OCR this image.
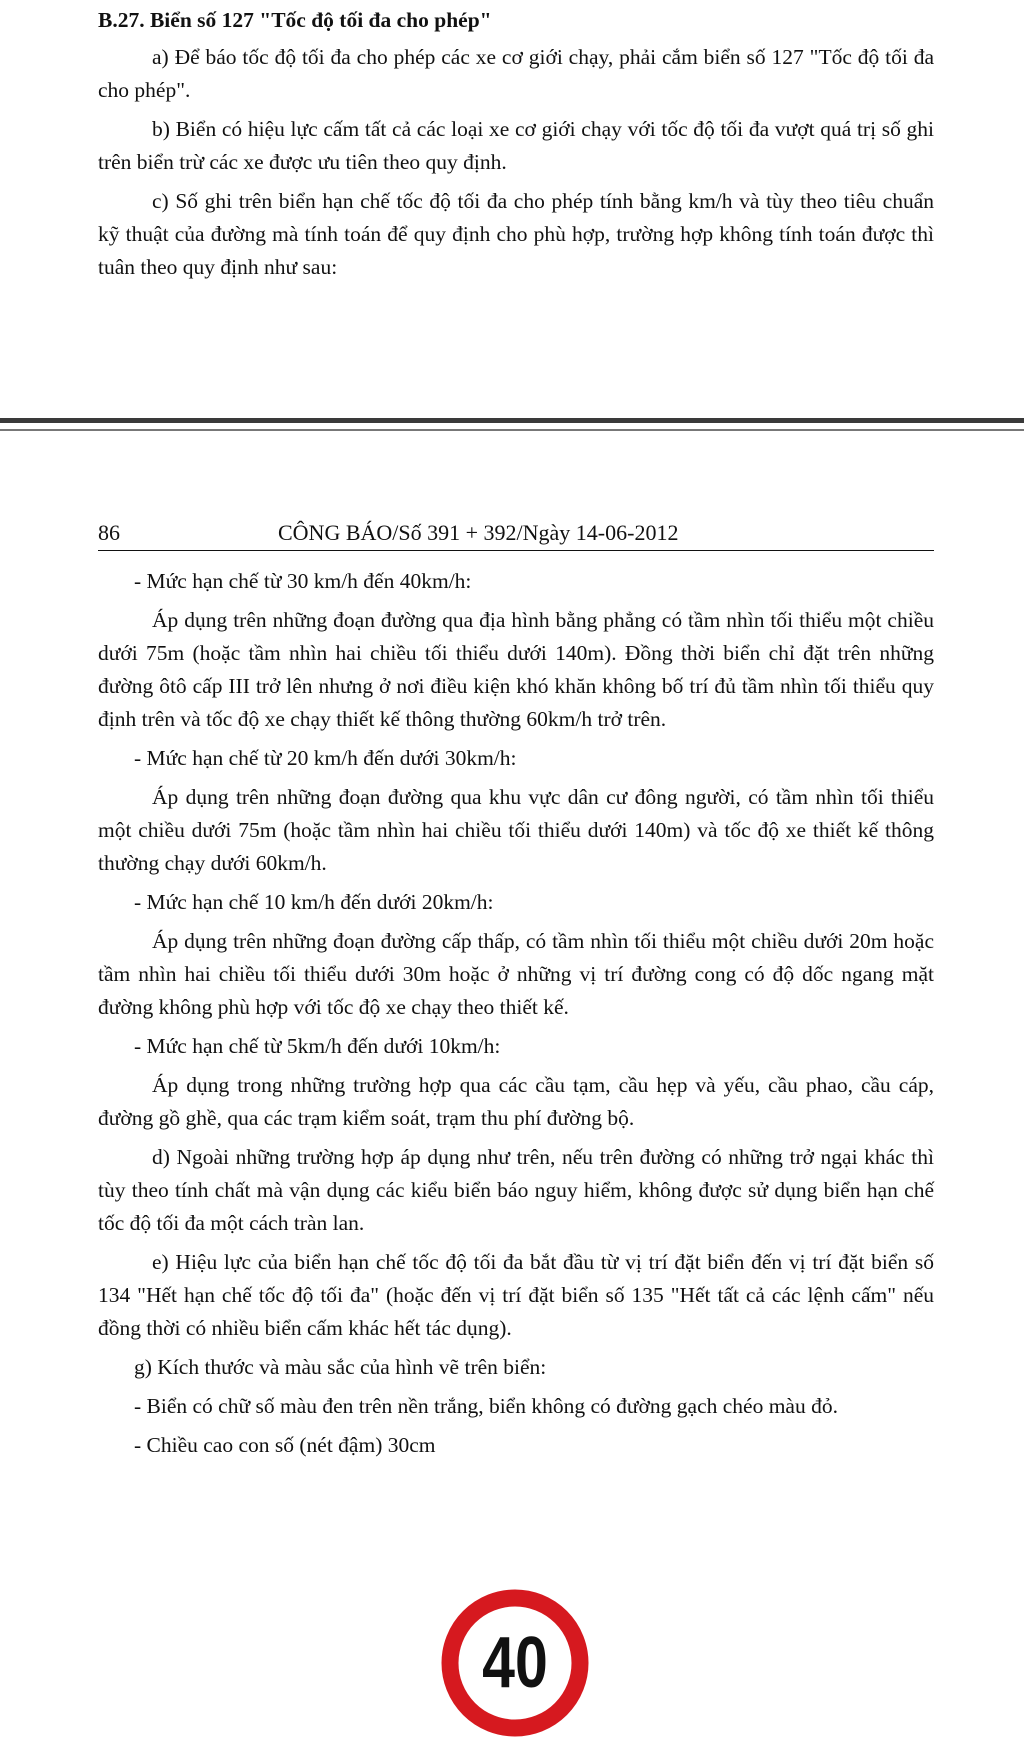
B.27. Biển số 127 "Tốc độ tối đa cho phép"

a) Để báo tốc độ tối đa cho phép các xe cơ giới chạy, phải cắm biển số 127 "Tốc độ tối đa cho phép".

b) Biển có hiệu lực cấm tất cả các loại xe cơ giới chạy với tốc độ tối đa vượt quá trị số ghi trên biển trừ các xe được ưu tiên theo quy định.

c) Số ghi trên biển hạn chế tốc độ tối đa cho phép tính bằng km/h và tùy theo tiêu chuẩn kỹ thuật của đường mà tính toán để quy định cho phù hợp, trường hợp không tính toán được thì tuân theo quy định như sau:

86	CÔNG BÁO/Số 391 + 392/Ngày 14-06-2012

- Mức hạn chế từ 30 km/h đến 40km/h:

Áp dụng trên những đoạn đường qua địa hình bằng phẳng có tầm nhìn tối thiểu một chiều dưới 75m (hoặc tầm nhìn hai chiều tối thiểu dưới 140m). Đồng thời biển chỉ đặt trên những đường ôtô cấp III trở lên nhưng ở nơi điều kiện khó khăn không bố trí đủ tầm nhìn tối thiểu quy định trên và tốc độ xe chạy thiết kế thông thường 60km/h trở trên.

- Mức hạn chế từ 20 km/h đến dưới 30km/h:

Áp dụng trên những đoạn đường qua khu vực dân cư đông người, có tầm nhìn tối thiểu một chiều dưới 75m (hoặc tầm nhìn hai chiều tối thiểu dưới 140m) và tốc độ xe thiết kế thông thường chạy dưới 60km/h.

- Mức hạn chế 10 km/h đến dưới 20km/h:

Áp dụng trên những đoạn đường cấp thấp, có tầm nhìn tối thiểu một chiều dưới 20m hoặc tầm nhìn hai chiều tối thiểu dưới 30m hoặc ở những vị trí đường cong có độ dốc ngang mặt đường không phù hợp với tốc độ xe chạy theo thiết kế.

- Mức hạn chế từ 5km/h đến dưới 10km/h:

Áp dụng trong những trường hợp qua các cầu tạm, cầu hẹp và yếu, cầu phao, cầu cáp, đường gồ ghề, qua các trạm kiểm soát, trạm thu phí đường bộ.

d) Ngoài những trường hợp áp dụng như trên, nếu trên đường có những trở ngại khác thì tùy theo tính chất mà vận dụng các kiểu biển báo nguy hiểm, không được sử dụng biển hạn chế tốc độ tối đa một cách tràn lan.

e) Hiệu lực của biển hạn chế tốc độ tối đa bắt đầu từ vị trí đặt biển đến vị trí đặt biển số 134 "Hết hạn chế tốc độ tối đa" (hoặc đến vị trí đặt biển số 135 "Hết tất cả các lệnh cấm" nếu đồng thời có nhiều biển cấm khác hết tác dụng).

g) Kích thước và màu sắc của hình vẽ trên biển:

- Biển có chữ số màu đen trên nền trắng, biển không có đường gạch chéo màu đỏ.

- Chiều cao con số (nét đậm) 30cm

40
